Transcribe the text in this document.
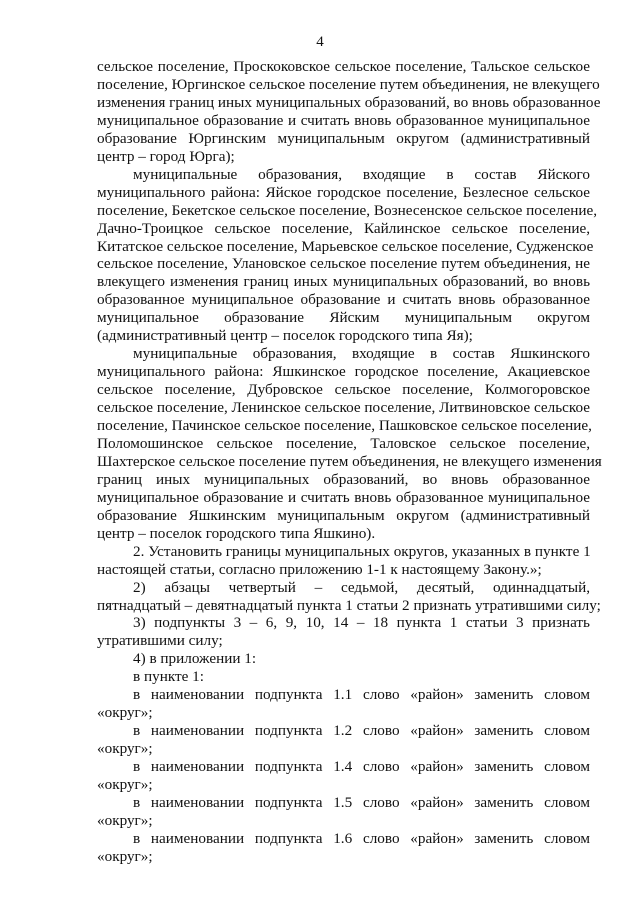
4
сельское поселение, Проскоковское сельское поселение, Тальское сельское
поселение, Юргинское сельское поселение путем объединения, не влекущего
изменения границ иных муниципальных образований, во вновь образованное
муниципальное образование и считать вновь образованное муниципальное
образование Юргинским муниципальным округом (административный
центр – город Юрга);
муниципальные образования, входящие в состав Яйского
муниципального района: Яйское городское поселение, Безлесное сельское
поселение, Бекетское сельское поселение, Вознесенское сельское поселение,
Дачно-Троицкое сельское поселение, Кайлинское сельское поселение,
Китатское сельское поселение, Марьевское сельское поселение, Судженское
сельское поселение, Улановское сельское поселение путем объединения, не
влекущего изменения границ иных муниципальных образований, во вновь
образованное муниципальное образование и считать вновь образованное
муниципальное образование Яйским муниципальным округом
(административный центр – поселок городского типа Яя);
муниципальные образования, входящие в состав Яшкинского
муниципального района: Яшкинское городское поселение, Акациевское
сельское поселение, Дубровское сельское поселение, Колмогоровское
сельское поселение, Ленинское сельское поселение, Литвиновское сельское
поселение, Пачинское сельское поселение, Пашковское сельское поселение,
Поломошинское сельское поселение, Таловское сельское поселение,
Шахтерское сельское поселение путем объединения, не влекущего изменения
границ иных муниципальных образований, во вновь образованное
муниципальное образование и считать вновь образованное муниципальное
образование Яшкинским муниципальным округом (административный
центр – поселок городского типа Яшкино).
2. Установить границы муниципальных округов, указанных в пункте 1
настоящей статьи, согласно приложению 1-1 к настоящему Закону.»;
2) абзацы четвертый – седьмой, десятый, одиннадцатый,
пятнадцатый – девятнадцатый пункта 1 статьи 2 признать утратившими силу;
3) подпункты 3 – 6, 9, 10, 14 – 18 пункта 1 статьи 3 признать
утратившими силу;
4) в приложении 1:
в пункте 1:
в наименовании подпункта 1.1 слово «район» заменить словом
«округ»;
в наименовании подпункта 1.2 слово «район» заменить словом
«округ»;
в наименовании подпункта 1.4 слово «район» заменить словом
«округ»;
в наименовании подпункта 1.5 слово «район» заменить словом
«округ»;
в наименовании подпункта 1.6 слово «район» заменить словом
«округ»;
